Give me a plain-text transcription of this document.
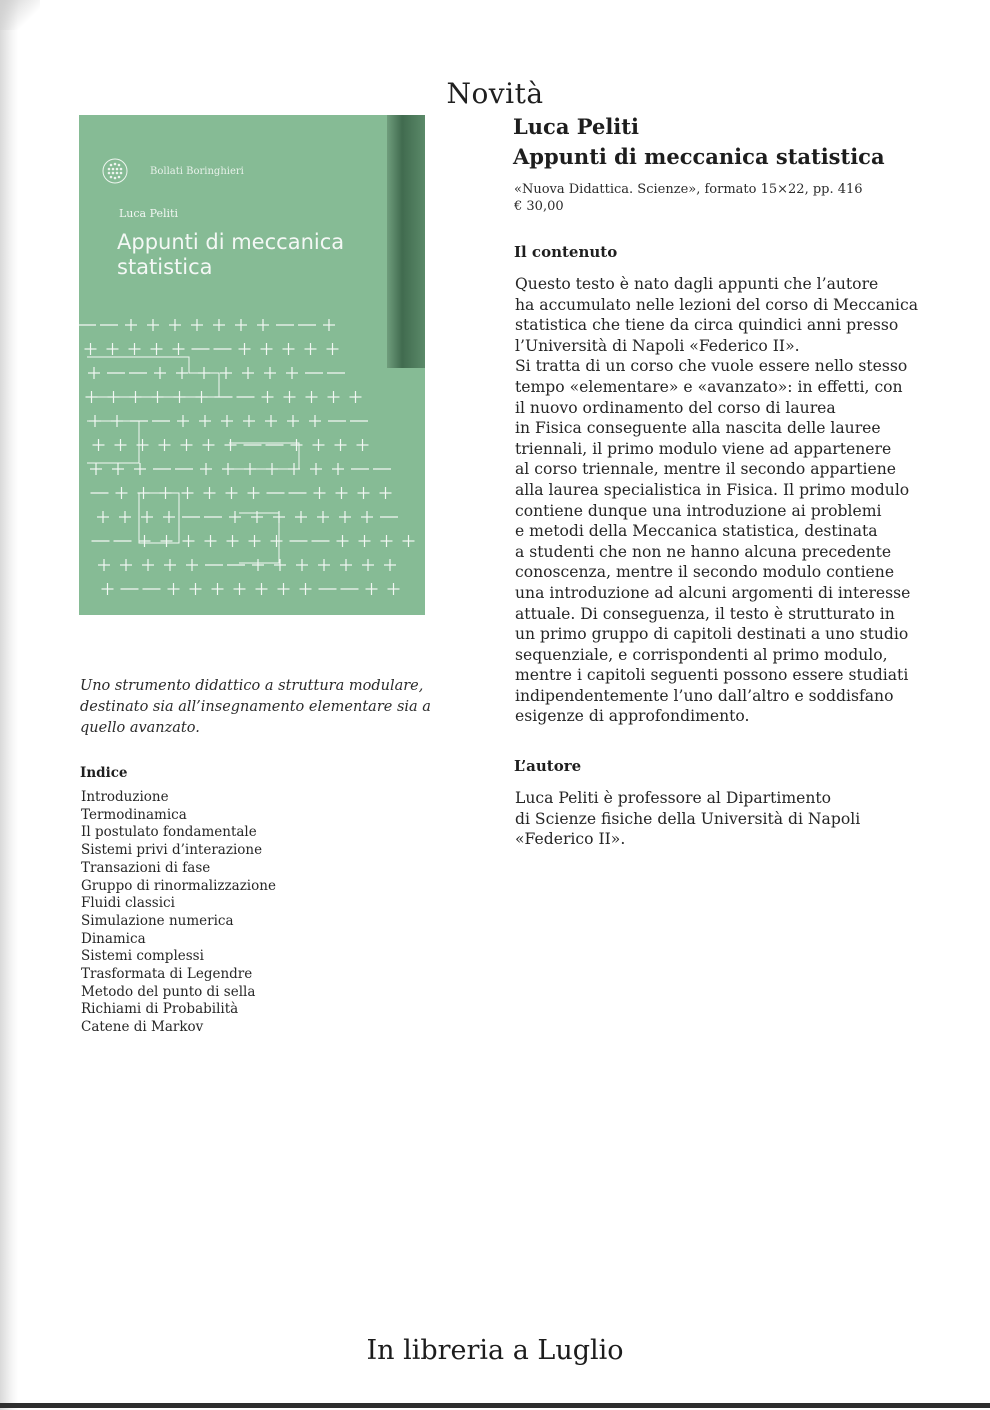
Novità
Bollati Boringhieri
Luca Peliti
Appunti di meccanica statistica
Uno strumento didattico a struttura modulare, destinato sia all’insegnamento elementare sia a quello avanzato.
Indice
Introduzione
Termodinamica
Il postulato fondamentale
Sistemi privi d’interazione
Transazioni di fase
Gruppo di rinormalizzazione
Fluidi classici
Simulazione numerica
Dinamica
Sistemi complessi
Trasformata di Legendre
Metodo del punto di sella
Richiami di Probabilità
Catene di Markov
Luca Peliti
Appunti di meccanica statistica
«Nuova Didattica. Scienze», formato 15×22, pp. 416
€ 30,00
Il contenuto
Questo testo è nato dagli appunti che l’autore
ha accumulato nelle lezioni del corso di Meccanica
statistica che tiene da circa quindici anni presso
l’Università di Napoli «Federico II».
Si tratta di un corso che vuole essere nello stesso
tempo «elementare» e «avanzato»: in effetti, con
il nuovo ordinamento del corso di laurea
in Fisica conseguente alla nascita delle lauree
triennali, il primo modulo viene ad appartenere
al corso triennale, mentre il secondo appartiene
alla laurea specialistica in Fisica. Il primo modulo
contiene dunque una introduzione ai problemi
e metodi della Meccanica statistica, destinata
a studenti che non ne hanno alcuna precedente
conoscenza, mentre il secondo modulo contiene
una introduzione ad alcuni argomenti di interesse
attuale. Di conseguenza, il testo è strutturato in
un primo gruppo di capitoli destinati a uno studio
sequenziale, e corrispondenti al primo modulo,
mentre i capitoli seguenti possono essere studiati
indipendentemente l’uno dall’altro e soddisfano
esigenze di approfondimento.
L’autore
Luca Peliti è professore al Dipartimento
di Scienze fisiche della Università di Napoli
«Federico II».
In libreria a Luglio
